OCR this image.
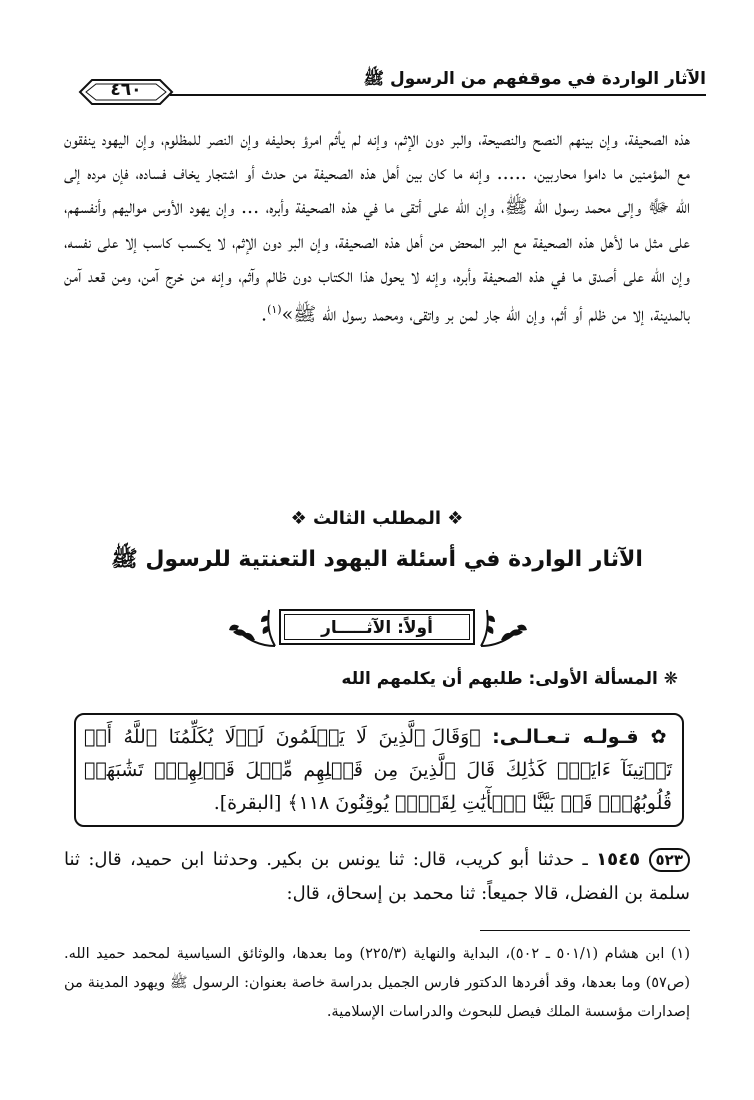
الآثار الواردة في موقفهم من الرسول ﷺ
٤٦٠
هذه الصحيفة، وإن بينهم النصح والنصيحة، والبر دون الإثم، وإنه لم يأثم امرؤ بحليفه وإن النصر للمظلوم، وإن اليهود ينفقون مع المؤمنين ما داموا محاربين، ..... وإنه ما كان بين أهل هذه الصحيفة من حدث أو اشتجار يخاف فساده، فإن مرده إلى الله ﷻ وإلى محمد رسول الله ﷺ، وإن الله على أتقى ما في هذه الصحيفة وأبره، ... وإن يهود الأوس مواليهم وأنفسهم، على مثل ما لأهل هذه الصحيفة مع البر المحض من أهل هذه الصحيفة، وإن البر دون الإثم، لا يكسب كاسب إلا على نفسه، وإن الله على أصدق ما في هذه الصحيفة وأبره، وإنه لا يحول هذا الكتاب دون ظالم وآثم، وإنه من خرج آمن، ومن قعد آمن بالمدينة، إلا من ظلم أو أثم، وإن الله جار لمن بر واتقى، ومحمد رسول الله ﷺ»$^{(١)}$.
❖ المطلب الثالث ❖
الآثار الواردة في أسئلة اليهود التعنتية للرسول ﷺ
أولاً: الآثـــــار
❋ المسألة الأولى: طلبهم أن يكلمهم الله
✿ قـولـه تـعـالـى: ﴿وَقَالَ ٱلَّذِينَ لَا يَعۡلَمُونَ لَوۡلَا يُكَلِّمُنَا ٱللَّهُ أَوۡ تَأۡتِينَآ ءَايَةٞۗ كَذَٰلِكَ قَالَ ٱلَّذِينَ مِن قَبۡلِهِم مِّثۡلَ قَوۡلِهِمۡۘ تَشَٰبَهَتۡ قُلُوبُهُمۡۗ قَدۡ بَيَّنَّا ٱلۡأٓيَٰتِ لِقَوۡمٖ يُوقِنُونَ ١١٨﴾ [البقرة].
٥٢٣ ١٥٤٥ ـ حدثنا أبو كريب، قال: ثنا يونس بن بكير. وحدثنا ابن حميد، قال: ثنا سلمة بن الفضل، قالا جميعاً: ثنا محمد بن إسحاق، قال:
(١) ابن هشام (٥٠١/١ ـ ٥٠٢)، البداية والنهاية (٢٢٥/٣) وما بعدها، والوثائق السياسية لمحمد حميد الله. (ص٥٧) وما بعدها، وقد أفردها الدكتور فارس الجميل بدراسة خاصة بعنوان: الرسول ﷺ ويهود المدينة من إصدارات مؤسسة الملك فيصل للبحوث والدراسات الإسلامية.
